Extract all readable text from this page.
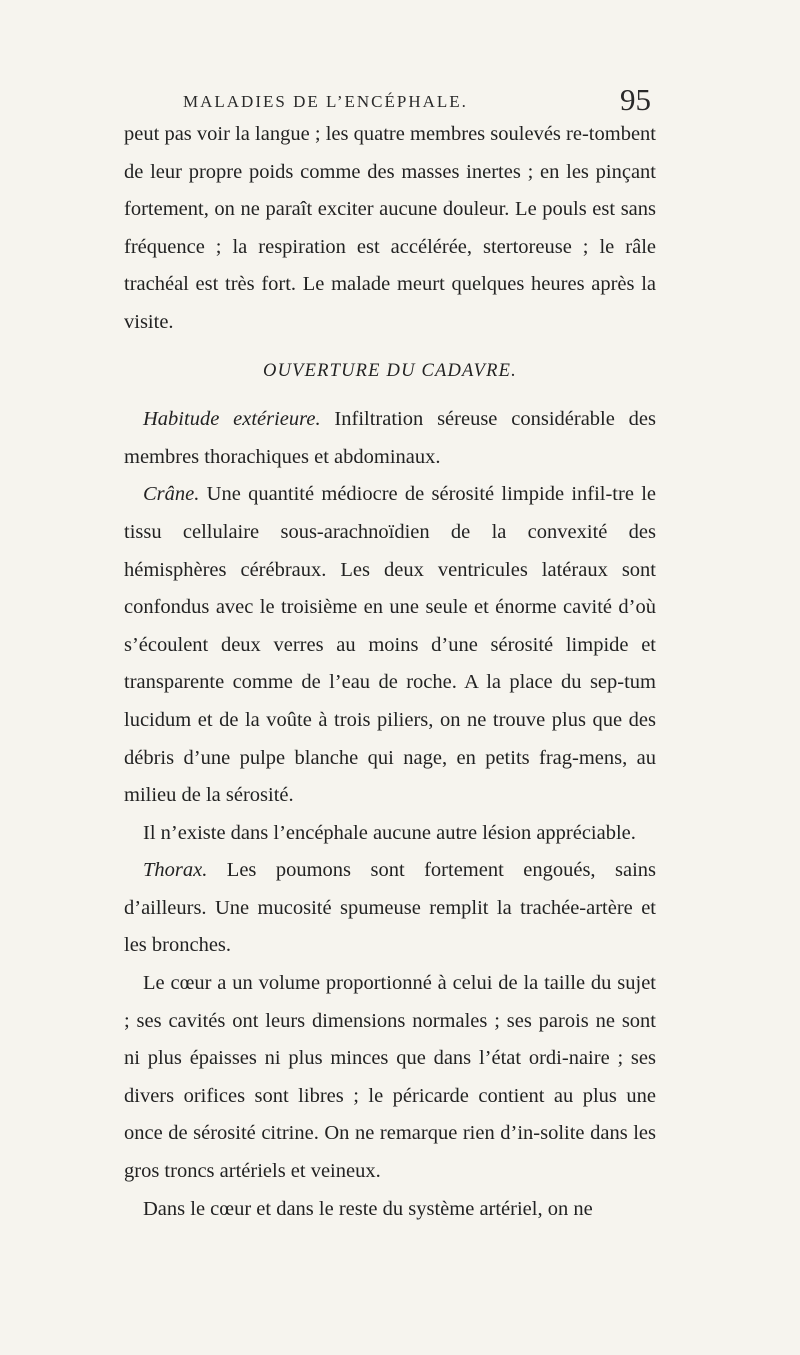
MALADIES DE L’ENCÉPHALE.	95

peut pas voir la langue ; les quatre membres soulevés re-tombent de leur propre poids comme des masses inertes ; en les pinçant fortement, on ne paraît exciter aucune douleur. Le pouls est sans fréquence ; la respiration est accélérée, stertoreuse ; le râle trachéal est très fort. Le malade meurt quelques heures après la visite.

OUVERTURE DU CADAVRE.

Habitude extérieure. Infiltration séreuse considérable des membres thorachiques et abdominaux.

Crâne. Une quantité médiocre de sérosité limpide infil-tre le tissu cellulaire sous-arachnoïdien de la convexité des hémisphères cérébraux. Les deux ventricules latéraux sont confondus avec le troisième en une seule et énorme cavité d’où s’écoulent deux verres au moins d’une sérosité limpide et transparente comme de l’eau de roche. A la place du sep-tum lucidum et de la voûte à trois piliers, on ne trouve plus que des débris d’une pulpe blanche qui nage, en petits frag-mens, au milieu de la sérosité.

Il n’existe dans l’encéphale aucune autre lésion appréciable.

Thorax. Les poumons sont fortement engoués, sains d’ailleurs. Une mucosité spumeuse remplit la trachée-artère et les bronches.

Le cœur a un volume proportionné à celui de la taille du sujet ; ses cavités ont leurs dimensions normales ; ses parois ne sont ni plus épaisses ni plus minces que dans l’état ordi-naire ; ses divers orifices sont libres ; le péricarde contient au plus une once de sérosité citrine. On ne remarque rien d’in-solite dans les gros troncs artériels et veineux.

Dans le cœur et dans le reste du système artériel, on ne
